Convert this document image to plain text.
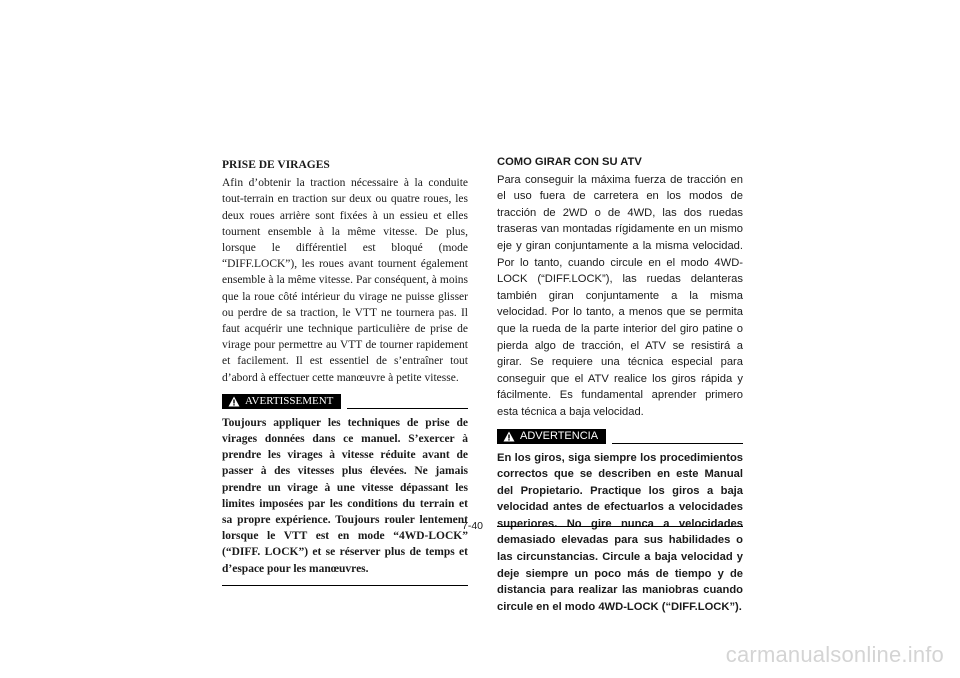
PRISE DE VIRAGES

Afin d’obtenir la traction nécessaire à la conduite tout-terrain en traction sur deux ou quatre roues, les deux roues arrière sont fixées à un essieu et elles tournent ensemble à la même vitesse. De plus, lorsque le différentiel est bloqué (mode “DIFF.LOCK”), les roues avant tournent également ensemble à la même vitesse. Par conséquent, à moins que la roue côté intérieur du virage ne puisse glisser ou perdre de sa traction, le VTT ne tournera pas. Il faut acquérir une technique particulière de prise de virage pour permettre au VTT de tourner rapidement et facilement. Il est essentiel de s’entraîner tout d’abord à effectuer cette manœuvre à petite vitesse.

AVERTISSEMENT

Toujours appliquer les techniques de prise de virages données dans ce manuel. S’exercer à prendre les virages à vitesse réduite avant de passer à des vitesses plus élevées. Ne jamais prendre un virage à une vitesse dépassant les limites imposées par les conditions du terrain et sa propre expérience. Toujours rouler lentement lorsque le VTT est en mode “4WD-LOCK” (“DIFF. LOCK”) et se réserver plus de temps et d’espace pour les manœuvres.

COMO GIRAR CON SU ATV

Para conseguir la máxima fuerza de tracción en el uso fuera de carretera en los modos de tracción de 2WD o de 4WD, las dos ruedas traseras van montadas rígidamente en un mismo eje y giran conjuntamente a la misma velocidad. Por lo tanto, cuando circule en el modo 4WD-LOCK (“DIFF.LOCK”), las ruedas delanteras también giran conjuntamente a la misma velocidad. Por lo tanto, a menos que se permita que la rueda de la parte interior del giro patine o pierda algo de tracción, el ATV se resistirá a girar. Se requiere una técnica especial para conseguir que el ATV realice los giros rápida y fácilmente. Es fundamental aprender primero esta técnica a baja velocidad.

ADVERTENCIA

En los giros, siga siempre los procedimientos correctos que se describen en este Manual del Propietario. Practique los giros a baja velocidad antes de efectuarlos a velocidades superiores. No gire nunca a velocidades demasiado elevadas para sus habilidades o las circunstancias. Circule a baja velocidad y deje siempre un poco más de tiempo y de distancia para realizar las maniobras cuando circule en el modo 4WD-LOCK (“DIFF.LOCK”).

7-40
carmanualsonline.info
